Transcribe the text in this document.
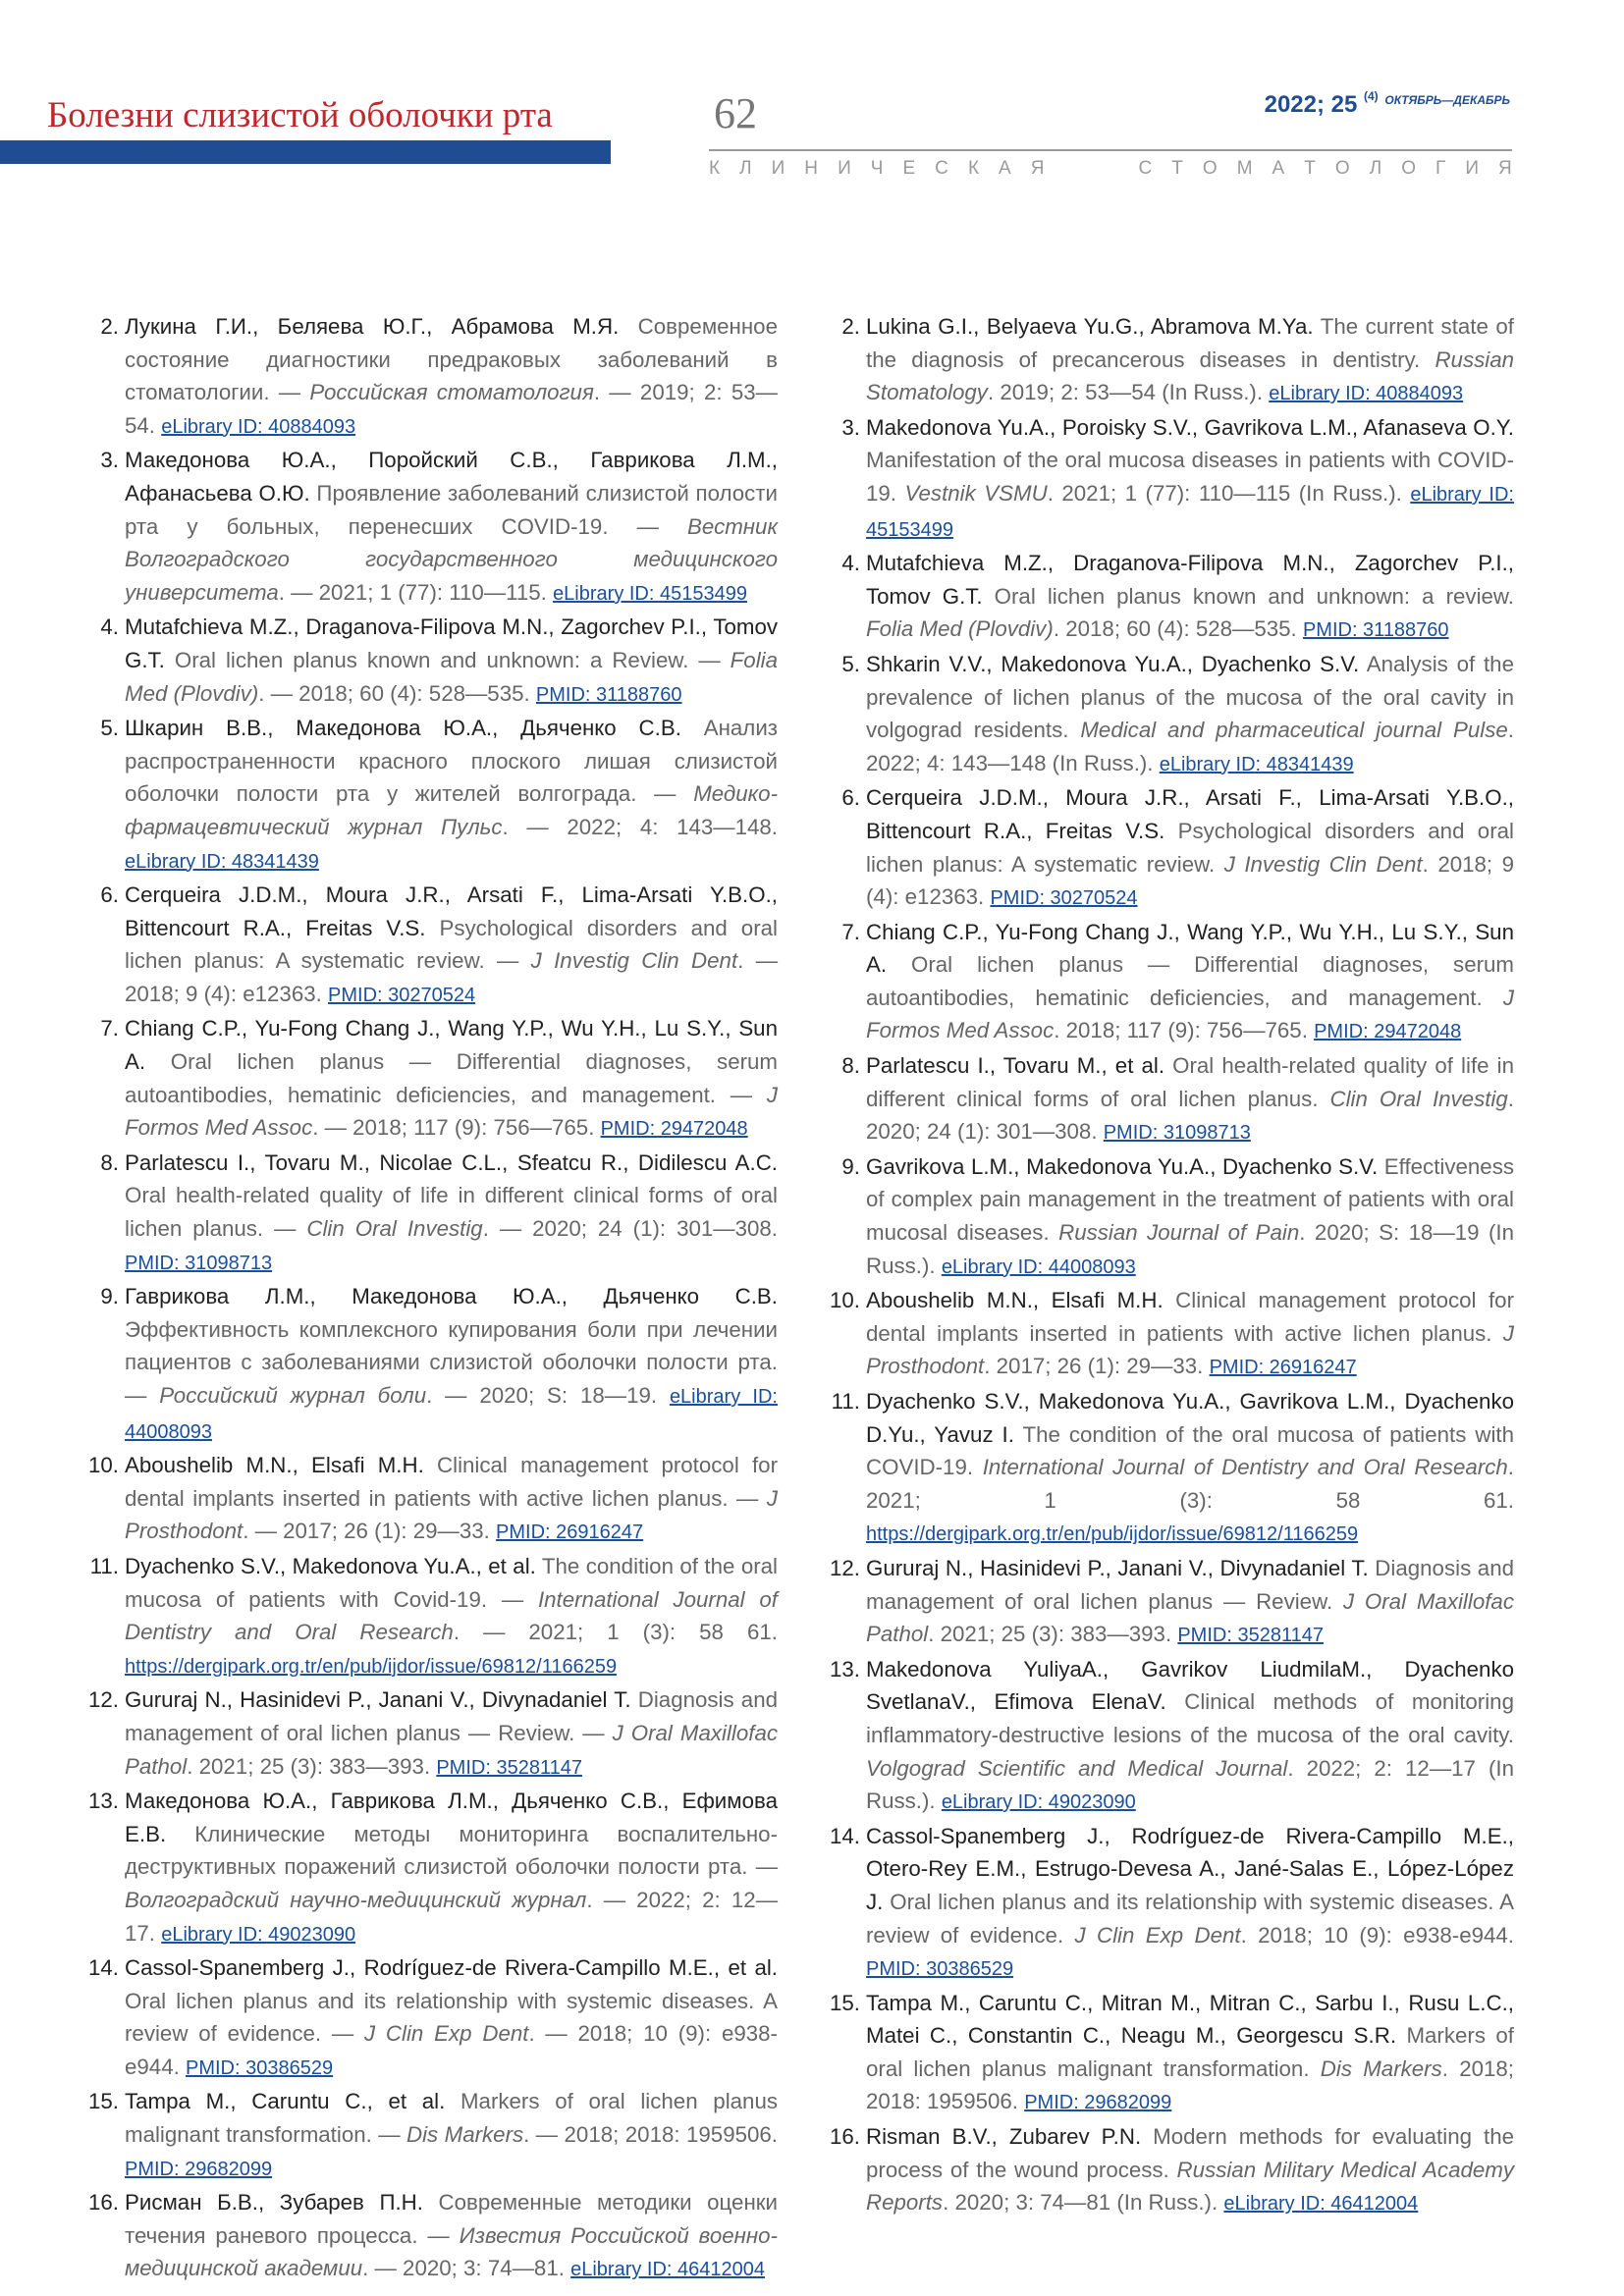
Болезни слизистой оболочки рта	62	2022; 25 $^{(4)}$ $^{ОКТЯБРЬ—ДЕКАБРЬ}$
К Л И Н И Ч Е С К А Я

	С Т О М А Т О Л О Г И Я
2. Лукина Г.И., Беляева Ю.Г., Абрамова М.Я. Современное состояние диагностики предраковых заболеваний в стоматологии. — Российская стоматология. — 2019; 2: 53—54. eLibrary ID: 40884093
3. Македонова Ю.А., Поройский С.В., Гаврикова Л.М., Афанасьева О.Ю. Проявление заболеваний слизистой полости рта у больных, перенесших COVID-19. — Вестник Волгоградского государственного медицинского университета. — 2021; 1 (77): 110—115. eLibrary ID: 45153499
4. Mutafchieva M.Z., Draganova-Filipova M.N., Zagorchev P.I., Tomov G.T. Oral lichen planus known and unknown: a Review. — Folia Med (Plovdiv). — 2018; 60 (4): 528—535. PMID: 31188760
5. Шкарин В.В., Македонова Ю.А., Дьяченко С.В. Анализ распространенности красного плоского лишая слизистой оболочки полости рта у жителей волгограда. — Медико-фармацевтический журнал Пульс. — 2022; 4: 143—148. eLibrary ID: 48341439
6. Cerqueira J.D.M., Moura J.R., Arsati F., Lima-Arsati Y.B.O., Bittencourt R.A., Freitas V.S. Psychological disorders and oral lichen planus: A systematic review. — J Investig Clin Dent. — 2018; 9 (4): e12363. PMID: 30270524
7. Chiang C.P., Yu-Fong Chang J., Wang Y.P., Wu Y.H., Lu S.Y., Sun A. Oral lichen planus — Differential diagnoses, serum autoantibodies, hematinic deficiencies, and management. — J Formos Med Assoc. — 2018; 117 (9): 756—765. PMID: 29472048
8. Parlatescu I., Tovaru M., Nicolae C.L., Sfeatcu R., Didilescu A.C. Oral health-related quality of life in different clinical forms of oral lichen planus. — Clin Oral Investig. — 2020; 24 (1): 301—308. PMID: 31098713
9. Гаврикова Л.М., Македонова Ю.А., Дьяченко С.В. Эффективность комплексного купирования боли при лечении пациентов с заболеваниями слизистой оболочки полости рта. — Российский журнал боли. — 2020; S: 18—19. eLibrary ID: 44008093
10. Aboushelib M.N., Elsafi M.H. Clinical management protocol for dental implants inserted in patients with active lichen planus. — J Prosthodont. — 2017; 26 (1): 29—33. PMID: 26916247
11. Dyachenko S.V., Makedonova Yu.A., et al. The condition of the oral mucosa of patients with Covid-19. — International Journal of Dentistry and Oral Research. — 2021; 1 (3): 58 61. https://dergipark.org.tr/en/pub/ijdor/issue/69812/1166259
12. Gururaj N., Hasinidevi P., Janani V., Divynadaniel T. Diagnosis and management of oral lichen planus — Review. — J Oral Maxillofac Pathol. 2021; 25 (3): 383—393. PMID: 35281147
13. Македонова Ю.А., Гаврикова Л.М., Дьяченко С.В., Ефимова Е.В. Клинические методы мониторинга воспалительно-деструктивных поражений слизистой оболочки полости рта. — Волгоградский научно-медицинский журнал. — 2022; 2: 12—17. eLibrary ID: 49023090
14. Cassol-Spanemberg J., Rodríguez-de Rivera-Campillo M.E., et al. Oral lichen planus and its relationship with systemic diseases. A review of evidence. — J Clin Exp Dent. — 2018; 10 (9): e938-e944. PMID: 30386529
15. Tampa M., Caruntu C., et al. Markers of oral lichen planus malignant transformation. — Dis Markers. — 2018; 2018: 1959506. PMID: 29682099
16. Рисман Б.В., Зубарев П.Н. Современные методики оценки течения раневого процесса. — Известия Российской военно-медицинской академии. — 2020; 3: 74—81. eLibrary ID: 46412004
2. Lukina G.I., Belyaeva Yu.G., Abramova M.Ya. The current state of the diagnosis of precancerous diseases in dentistry. Russian Stomatology. 2019; 2: 53—54 (In Russ.). eLibrary ID: 40884093
3. Makedonova Yu.A., Poroisky S.V., Gavrikova L.M., Afanaseva O.Y. Manifestation of the oral mucosa diseases in patients with COVID-19. Vestnik VSMU. 2021; 1 (77): 110—115 (In Russ.). eLibrary ID: 45153499
4. Mutafchieva M.Z., Draganova-Filipova M.N., Zagorchev P.I., Tomov G.T. Oral lichen planus known and unknown: a review. Folia Med (Plovdiv). 2018; 60 (4): 528—535. PMID: 31188760
5. Shkarin V.V., Makedonova Yu.A., Dyachenko S.V. Analysis of the prevalence of lichen planus of the mucosa of the oral cavity in volgograd residents. Medical and pharmaceutical journal Pulse. 2022; 4: 143—148 (In Russ.). eLibrary ID: 48341439
6. Cerqueira J.D.M., Moura J.R., Arsati F., Lima-Arsati Y.B.O., Bittencourt R.A., Freitas V.S. Psychological disorders and oral lichen planus: A systematic review. J Investig Clin Dent. 2018; 9 (4): e12363. PMID: 30270524
7. Chiang C.P., Yu-Fong Chang J., Wang Y.P., Wu Y.H., Lu S.Y., Sun A. Oral lichen planus — Differential diagnoses, serum autoantibodies, hematinic deficiencies, and management. J Formos Med Assoc. 2018; 117 (9): 756—765. PMID: 29472048
8. Parlatescu I., Tovaru M., et al. Oral health-related quality of life in different clinical forms of oral lichen planus. Clin Oral Investig. 2020; 24 (1): 301—308. PMID: 31098713
9. Gavrikova L.M., Makedonova Yu.A., Dyachenko S.V. Effectiveness of complex pain management in the treatment of patients with oral mucosal diseases. Russian Journal of Pain. 2020; S: 18—19 (In Russ.). eLibrary ID: 44008093
10. Aboushelib M.N., Elsafi M.H. Clinical management protocol for dental implants inserted in patients with active lichen planus. J Prosthodont. 2017; 26 (1): 29—33. PMID: 26916247
11. Dyachenko S.V., Makedonova Yu.A., Gavrikova L.M., Dyachenko D.Yu., Yavuz I. The condition of the oral mucosa of patients with COVID-19. International Journal of Dentistry and Oral Research. 2021; 1 (3): 58 61. https://dergipark.org.tr/en/pub/ijdor/issue/69812/1166259
12. Gururaj N., Hasinidevi P., Janani V., Divynadaniel T. Diagnosis and management of oral lichen planus — Review. J Oral Maxillofac Pathol. 2021; 25 (3): 383—393. PMID: 35281147
13. Makedonova YuliyaA., Gavrikov LiudmilaM., Dyachenko SvetlanaV., Efimova ElenaV. Clinical methods of monitoring inflammatory-destructive lesions of the mucosa of the oral cavity. Volgograd Scientific and Medical Journal. 2022; 2: 12—17 (In Russ.). eLibrary ID: 49023090
14. Cassol-Spanemberg J., Rodríguez-de Rivera-Campillo M.E., Otero-Rey E.M., Estrugo-Devesa A., Jané-Salas E., López-López J. Oral lichen planus and its relationship with systemic diseases. A review of evidence. J Clin Exp Dent. 2018; 10 (9): e938-e944. PMID: 30386529
15. Tampa M., Caruntu C., Mitran M., Mitran C., Sarbu I., Rusu L.C., Matei C., Constantin C., Neagu M., Georgescu S.R. Markers of oral lichen planus malignant transformation. Dis Markers. 2018; 2018: 1959506. PMID: 29682099
16. Risman B.V., Zubarev P.N. Modern methods for evaluating the process of the wound process. Russian Military Medical Academy Reports. 2020; 3: 74—81 (In Russ.). eLibrary ID: 46412004
